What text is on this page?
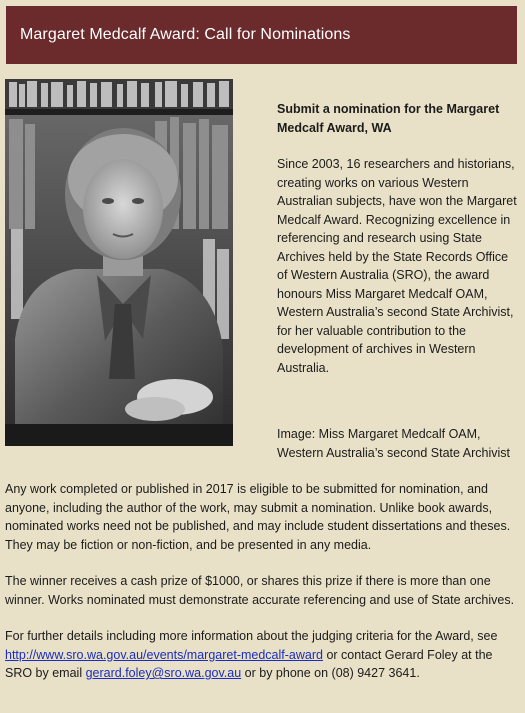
Margaret Medcalf Award: Call for Nominations
Submit a nomination for the Margaret Medcalf Award, WA

Since 2003, 16 researchers and historians, creating works on various Western Australian subjects, have won the Margaret Medcalf Award. Recognizing excellence in referencing and research using State Archives held by the State Records Office of Western Australia (SRO), the award honours Miss Margaret Medcalf OAM, Western Australia’s second State Archivist, for her valuable contribution to the development of archives in Western Australia.

Image: Miss Margaret Medcalf OAM, Western Australia’s second State Archivist

Any work completed or published in 2017 is eligible to be submitted for nomination, and anyone, including the author of the work, may submit a nomination. Unlike book awards, nominated works need not be published, and may include student dissertations and theses. They may be fiction or non-fiction, and be presented in any media.

The winner receives a cash prize of $1000, or shares this prize if there is more than one winner. Works nominated must demonstrate accurate referencing and use of State archives.

For further details including more information about the judging criteria for the Award, see http://www.sro.wa.gov.au/events/margaret-medcalf-award or contact Gerard Foley at the SRO by email gerard.foley@sro.wa.gov.au or by phone on (08) 9427 3641.
